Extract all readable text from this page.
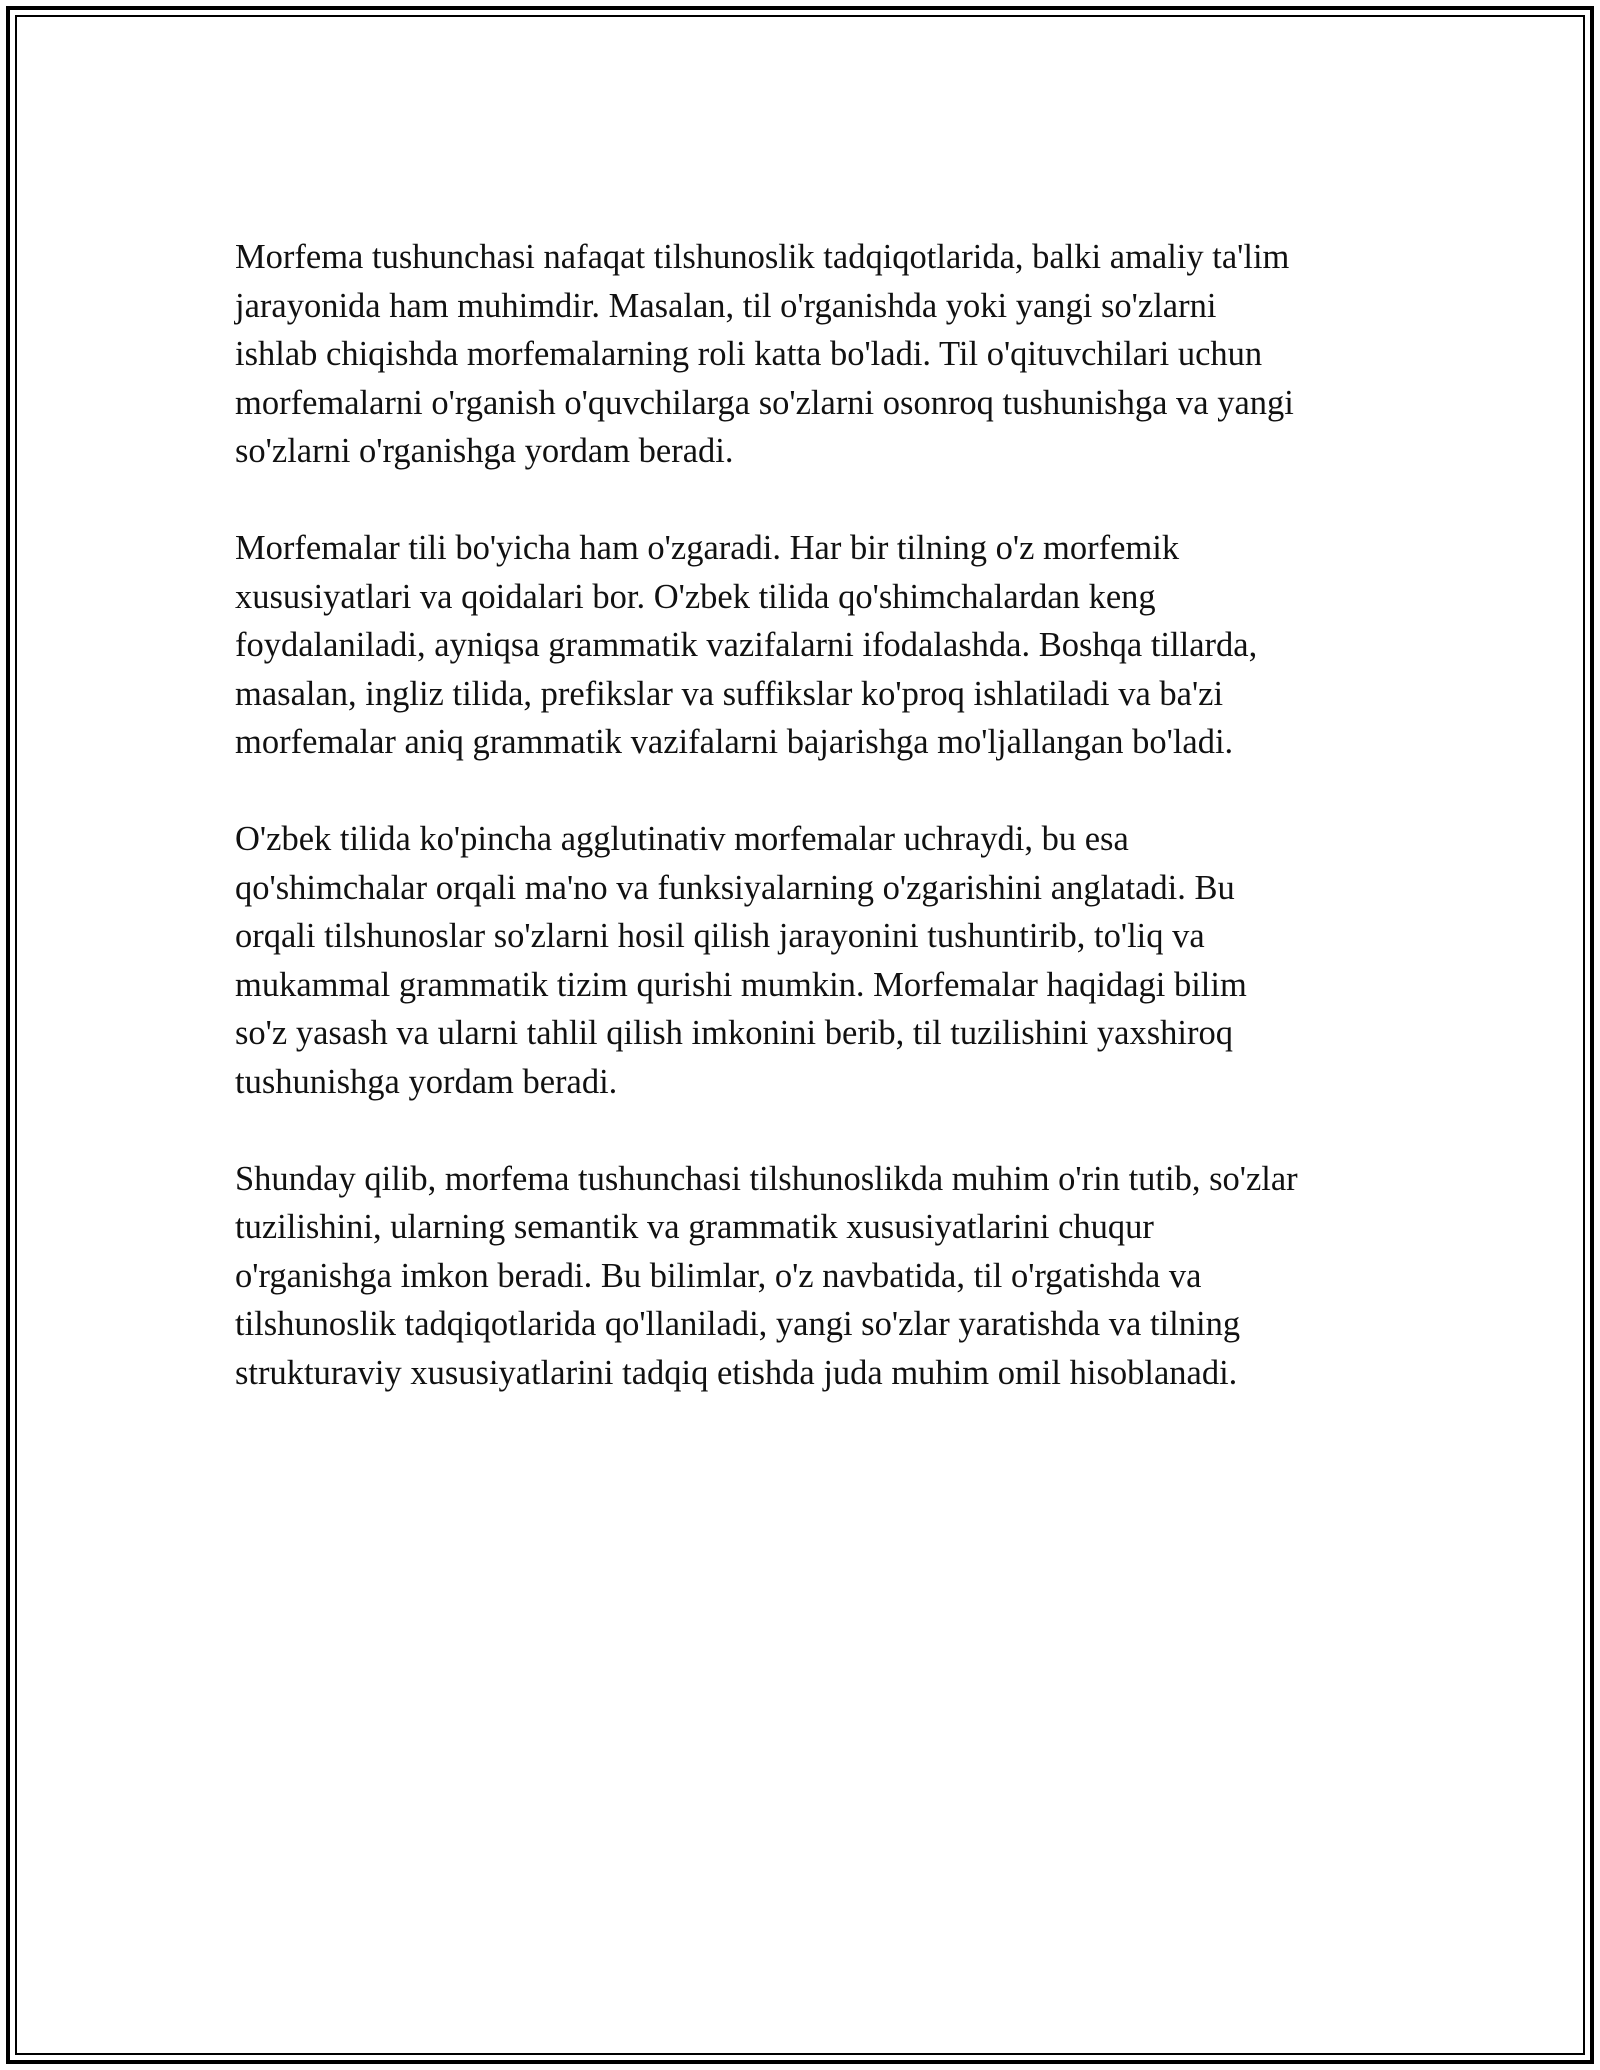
Morfema tushunchasi nafaqat tilshunoslik tadqiqotlarida, balki amaliy ta'lim
jarayonida ham muhimdir. Masalan, til o'rganishda yoki yangi so'zlarni
ishlab chiqishda morfemalarning roli katta bo'ladi. Til o'qituvchilari uchun
morfemalarni o'rganish o'quvchilarga so'zlarni osonroq tushunishga va yangi
so'zlarni o'rganishga yordam beradi.

Morfemalar tili bo'yicha ham o'zgaradi. Har bir tilning o'z morfemik
xususiyatlari va qoidalari bor. O'zbek tilida qo'shimchalardan keng
foydalaniladi, ayniqsa grammatik vazifalarni ifodalashda. Boshqa tillarda,
masalan, ingliz tilida, prefikslar va suffikslar ko'proq ishlatiladi va ba'zi
morfemalar aniq grammatik vazifalarni bajarishga mo'ljallangan bo'ladi.

O'zbek tilida ko'pincha agglutinativ morfemalar uchraydi, bu esa
qo'shimchalar orqali ma'no va funksiyalarning o'zgarishini anglatadi. Bu
orqali tilshunoslar so'zlarni hosil qilish jarayonini tushuntirib, to'liq va
mukammal grammatik tizim qurishi mumkin. Morfemalar haqidagi bilim
so'z yasash va ularni tahlil qilish imkonini berib, til tuzilishini yaxshiroq
tushunishga yordam beradi.

Shunday qilib, morfema tushunchasi tilshunoslikda muhim o'rin tutib, so'zlar
tuzilishini, ularning semantik va grammatik xususiyatlarini chuqur
o'rganishga imkon beradi. Bu bilimlar, o'z navbatida, til o'rgatishda va
tilshunoslik tadqiqotlarida qo'llaniladi, yangi so'zlar yaratishda va tilning
strukturaviy xususiyatlarini tadqiq etishda juda muhim omil hisoblanadi.
